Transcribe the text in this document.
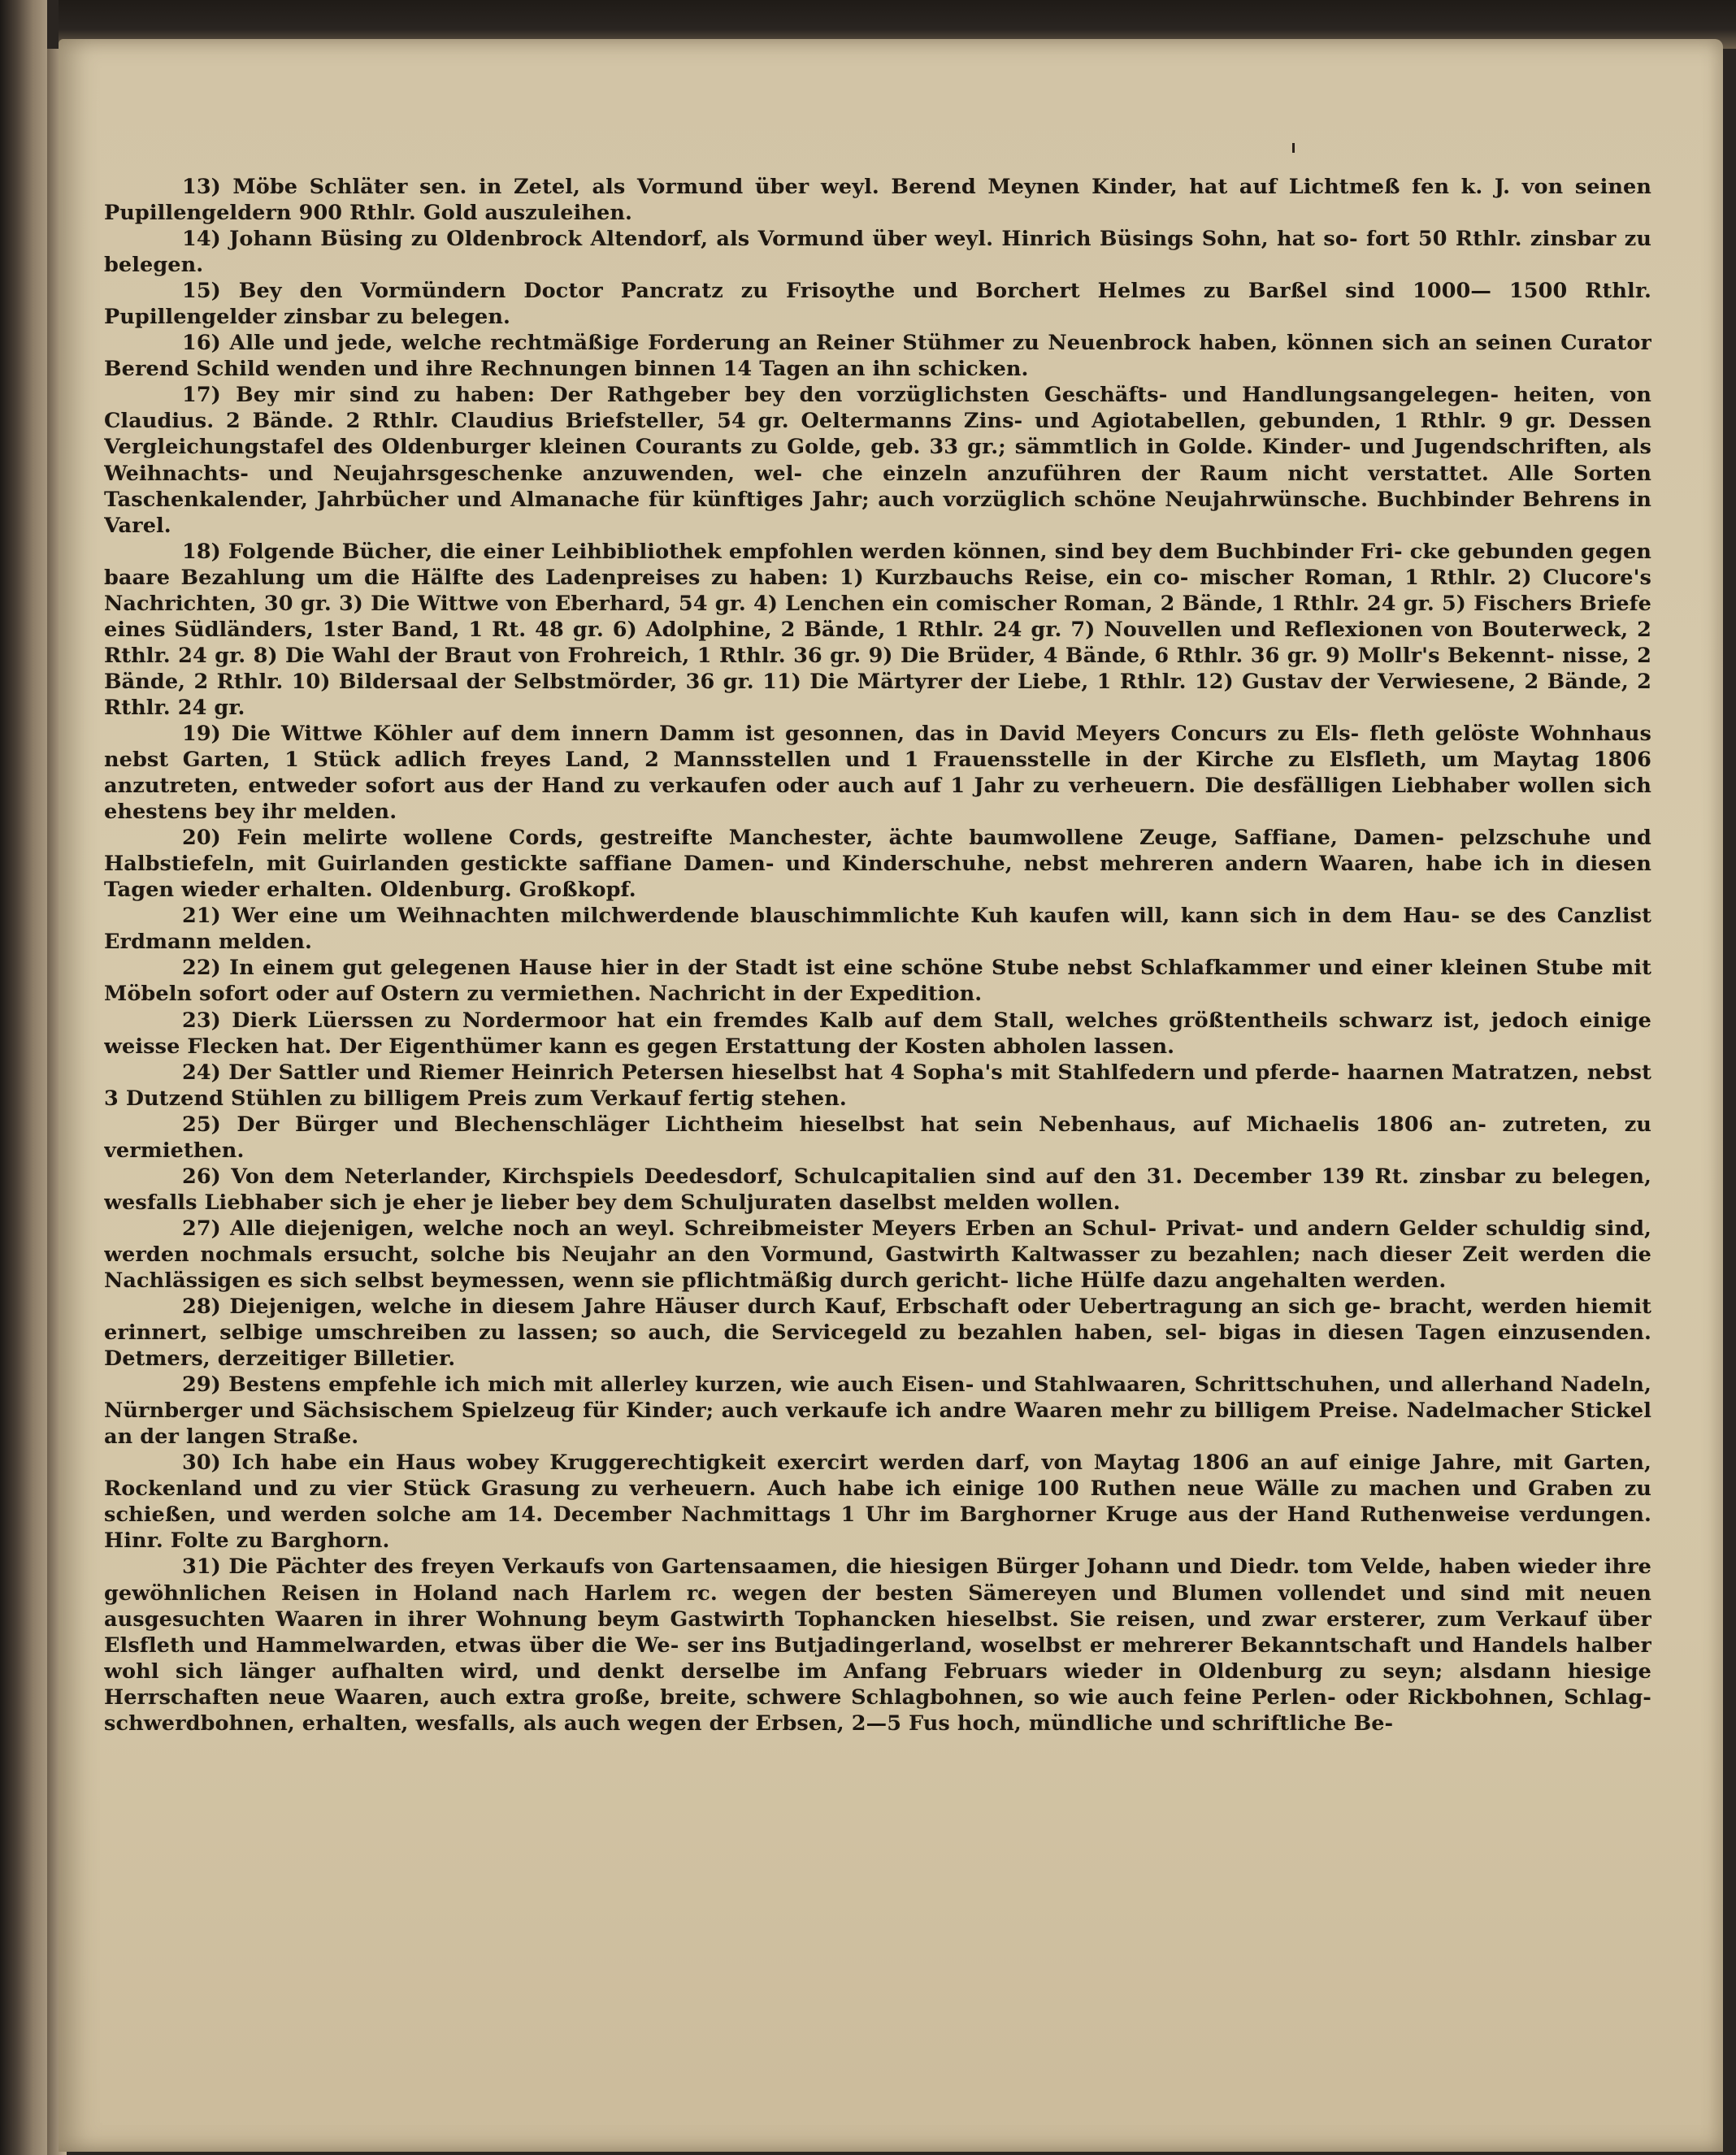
13) Möbe Schläter sen. in Zetel, als Vormund über weyl. Berend Meynen Kinder, hat auf Lichtmeß fen k. J. von seinen Pupillengeldern 900 Rthlr. Gold auszuleihen.

14) Johann Büsing zu Oldenbrock Altendorf, als Vormund über weyl. Hinrich Büsings Sohn, hat so- fort 50 Rthlr. zinsbar zu belegen.

15) Bey den Vormündern Doctor Pancratz zu Frisoythe und Borchert Helmes zu Barßel sind 1000— 1500 Rthlr. Pupillengelder zinsbar zu belegen.

16) Alle und jede, welche rechtmäßige Forderung an Reiner Stühmer zu Neuenbrock haben, können sich an seinen Curator Berend Schild wenden und ihre Rechnungen binnen 14 Tagen an ihn schicken.

17) Bey mir sind zu haben: Der Rathgeber bey den vorzüglichsten Geschäfts- und Handlungsangelegen- heiten, von Claudius. 2 Bände. 2 Rthlr. Claudius Briefsteller, 54 gr. Oeltermanns Zins- und Agiotabellen, gebunden, 1 Rthlr. 9 gr. Dessen Vergleichungstafel des Oldenburger kleinen Courants zu Golde, geb. 33 gr.; sämmtlich in Golde. Kinder- und Jugendschriften, als Weihnachts- und Neujahrsgeschenke anzuwenden, wel- che einzeln anzuführen der Raum nicht verstattet. Alle Sorten Taschenkalender, Jahrbücher und Almanache für künftiges Jahr; auch vorzüglich schöne Neujahrwünsche. Buchbinder Behrens in Varel.

18) Folgende Bücher, die einer Leihbibliothek empfohlen werden können, sind bey dem Buchbinder Fri- cke gebunden gegen baare Bezahlung um die Hälfte des Ladenpreises zu haben: 1) Kurzbauchs Reise, ein co- mischer Roman, 1 Rthlr. 2) Clucore's Nachrichten, 30 gr. 3) Die Wittwe von Eberhard, 54 gr. 4) Lenchen ein comischer Roman, 2 Bände, 1 Rthlr. 24 gr. 5) Fischers Briefe eines Südländers, 1ster Band, 1 Rt. 48 gr. 6) Adolphine, 2 Bände, 1 Rthlr. 24 gr. 7) Nouvellen und Reflexionen von Bouterweck, 2 Rthlr. 24 gr. 8) Die Wahl der Braut von Frohreich, 1 Rthlr. 36 gr. 9) Die Brüder, 4 Bände, 6 Rthlr. 36 gr. 9) Mollr's Bekennt- nisse, 2 Bände, 2 Rthlr. 10) Bildersaal der Selbstmörder, 36 gr. 11) Die Märtyrer der Liebe, 1 Rthlr. 12) Gustav der Verwiesene, 2 Bände, 2 Rthlr. 24 gr.

19) Die Wittwe Köhler auf dem innern Damm ist gesonnen, das in David Meyers Concurs zu Els- fleth gelöste Wohnhaus nebst Garten, 1 Stück adlich freyes Land, 2 Mannsstellen und 1 Frauensstelle in der Kirche zu Elsfleth, um Maytag 1806 anzutreten, entweder sofort aus der Hand zu verkaufen oder auch auf 1 Jahr zu verheuern. Die desfälligen Liebhaber wollen sich ehestens bey ihr melden.

20) Fein melirte wollene Cords, gestreifte Manchester, ächte baumwollene Zeuge, Saffiane, Damen- pelzschuhe und Halbstiefeln, mit Guirlanden gestickte saffiane Damen- und Kinderschuhe, nebst mehreren andern Waaren, habe ich in diesen Tagen wieder erhalten. Oldenburg. Großkopf.

21) Wer eine um Weihnachten milchwerdende blauschimmlichte Kuh kaufen will, kann sich in dem Hau- se des Canzlist Erdmann melden.

22) In einem gut gelegenen Hause hier in der Stadt ist eine schöne Stube nebst Schlafkammer und einer kleinen Stube mit Möbeln sofort oder auf Ostern zu vermiethen. Nachricht in der Expedition.

23) Dierk Lüerssen zu Nordermoor hat ein fremdes Kalb auf dem Stall, welches größtentheils schwarz ist, jedoch einige weisse Flecken hat. Der Eigenthümer kann es gegen Erstattung der Kosten abholen lassen.

24) Der Sattler und Riemer Heinrich Petersen hieselbst hat 4 Sopha's mit Stahlfedern und pferde- haarnen Matratzen, nebst 3 Dutzend Stühlen zu billigem Preis zum Verkauf fertig stehen.

25) Der Bürger und Blechenschläger Lichtheim hieselbst hat sein Nebenhaus, auf Michaelis 1806 an- zutreten, zu vermiethen.

26) Von dem Neterlander, Kirchspiels Deedesdorf, Schulcapitalien sind auf den 31. December 139 Rt. zinsbar zu belegen, wesfalls Liebhaber sich je eher je lieber bey dem Schuljuraten daselbst melden wollen.

27) Alle diejenigen, welche noch an weyl. Schreibmeister Meyers Erben an Schul- Privat- und andern Gelder schuldig sind, werden nochmals ersucht, solche bis Neujahr an den Vormund, Gastwirth Kaltwasser zu bezahlen; nach dieser Zeit werden die Nachlässigen es sich selbst beymessen, wenn sie pflichtmäßig durch gericht- liche Hülfe dazu angehalten werden.

28) Diejenigen, welche in diesem Jahre Häuser durch Kauf, Erbschaft oder Uebertragung an sich ge- bracht, werden hiemit erinnert, selbige umschreiben zu lassen; so auch, die Servicegeld zu bezahlen haben, sel- bigas in diesen Tagen einzusenden. Detmers, derzeitiger Billetier.

29) Bestens empfehle ich mich mit allerley kurzen, wie auch Eisen- und Stahlwaaren, Schrittschuhen, und allerhand Nadeln, Nürnberger und Sächsischem Spielzeug für Kinder; auch verkaufe ich andre Waaren mehr zu billigem Preise. Nadelmacher Stickel an der langen Straße.

30) Ich habe ein Haus wobey Kruggerechtigkeit exercirt werden darf, von Maytag 1806 an auf einige Jahre, mit Garten, Rockenland und zu vier Stück Grasung zu verheuern. Auch habe ich einige 100 Ruthen neue Wälle zu machen und Graben zu schießen, und werden solche am 14. December Nachmittags 1 Uhr im Barghorner Kruge aus der Hand Ruthenweise verdungen. Hinr. Folte zu Barghorn.

31) Die Pächter des freyen Verkaufs von Gartensaamen, die hiesigen Bürger Johann und Diedr. tom Velde, haben wieder ihre gewöhnlichen Reisen in Holand nach Harlem rc. wegen der besten Sämereyen und Blumen vollendet und sind mit neuen ausgesuchten Waaren in ihrer Wohnung beym Gastwirth Tophancken hieselbst. Sie reisen, und zwar ersterer, zum Verkauf über Elsfleth und Hammelwarden, etwas über die We- ser ins Butjadingerland, woselbst er mehrerer Bekanntschaft und Handels halber wohl sich länger aufhalten wird, und denkt derselbe im Anfang Februars wieder in Oldenburg zu seyn; alsdann hiesige Herrschaften neue Waaren, auch extra große, breite, schwere Schlagbohnen, so wie auch feine Perlen- oder Rickbohnen, Schlag- schwerdbohnen, erhalten, wesfalls, als auch wegen der Erbsen, 2—5 Fus hoch, mündliche und schriftliche Be-
